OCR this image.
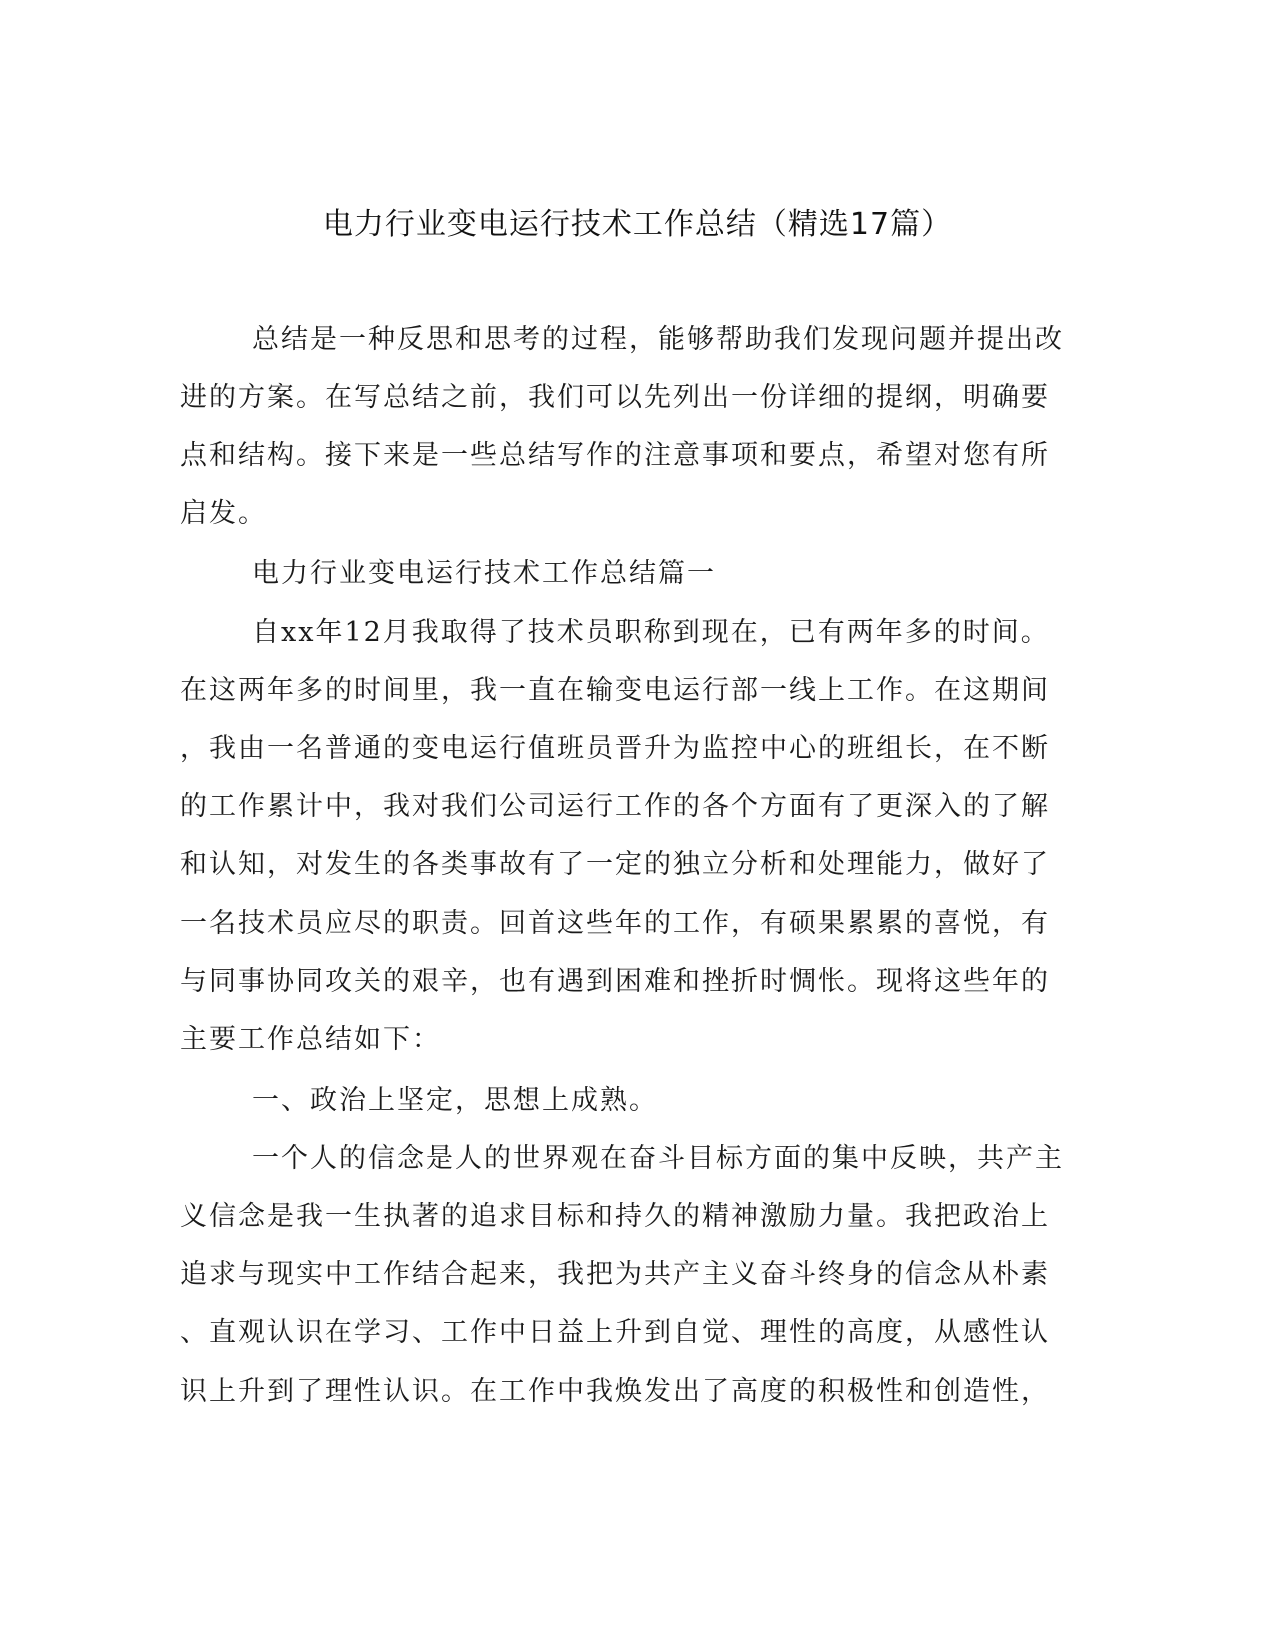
电力行业变电运行技术工作总结（精选17篇）
总结是一种反思和思考的过程，能够帮助我们发现问题并提出改
进的方案。在写总结之前，我们可以先列出一份详细的提纲，明确要
点和结构。接下来是一些总结写作的注意事项和要点，希望对您有所
启发。
电力行业变电运行技术工作总结篇一
自xx年12月我取得了技术员职称到现在，已有两年多的时间。
在这两年多的时间里，我一直在输变电运行部一线上工作。在这期间
，我由一名普通的变电运行值班员晋升为监控中心的班组长，在不断
的工作累计中，我对我们公司运行工作的各个方面有了更深入的了解
和认知，对发生的各类事故有了一定的独立分析和处理能力，做好了
一名技术员应尽的职责。回首这些年的工作，有硕果累累的喜悦，有
与同事协同攻关的艰辛，也有遇到困难和挫折时惆怅。现将这些年的
主要工作总结如下：
一、政治上坚定，思想上成熟。
一个人的信念是人的世界观在奋斗目标方面的集中反映，共产主
义信念是我一生执著的追求目标和持久的精神激励力量。我把政治上
追求与现实中工作结合起来，我把为共产主义奋斗终身的信念从朴素
、直观认识在学习、工作中日益上升到自觉、理性的高度，从感性认
识上升到了理性认识。在工作中我焕发出了高度的积极性和创造性，
